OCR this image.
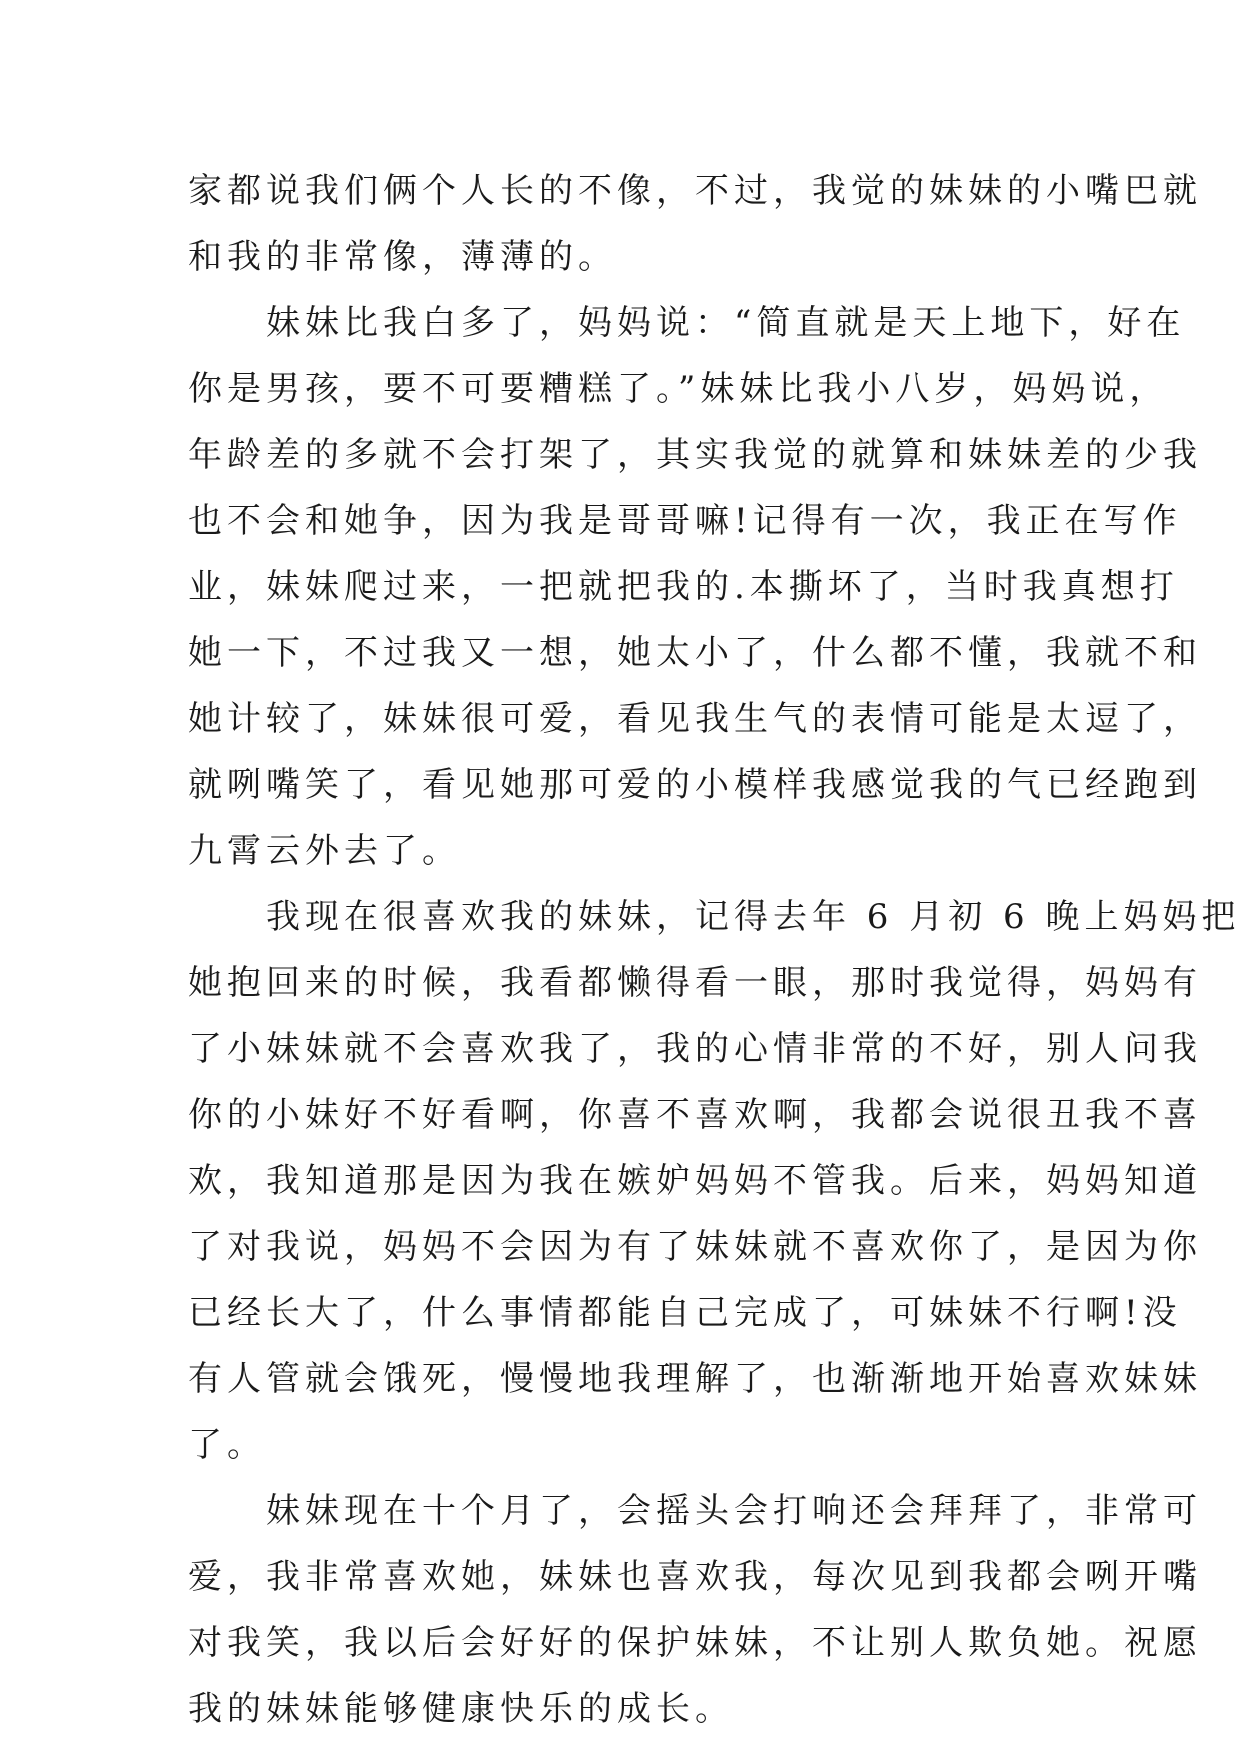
家都说我们俩个人长的不像，不过，我觉的妹妹的小嘴巴就
和我的非常像，薄薄的。
　　妹妹比我白多了，妈妈说：“简直就是天上地下，好在
你是男孩，要不可要糟糕了。”妹妹比我小八岁，妈妈说，
年龄差的多就不会打架了，其实我觉的就算和妹妹差的少我
也不会和她争，因为我是哥哥嘛!记得有一次，我正在写作
业，妹妹爬过来，一把就把我的.本撕坏了，当时我真想打
她一下，不过我又一想，她太小了，什么都不懂，我就不和
她计较了，妹妹很可爱，看见我生气的表情可能是太逗了，
就咧嘴笑了，看见她那可爱的小模样我感觉我的气已经跑到
九霄云外去了。
　　我现在很喜欢我的妹妹，记得去年 6 月初 6 晚上妈妈把
她抱回来的时候，我看都懒得看一眼，那时我觉得，妈妈有
了小妹妹就不会喜欢我了，我的心情非常的不好，别人问我
你的小妹好不好看啊，你喜不喜欢啊，我都会说很丑我不喜
欢，我知道那是因为我在嫉妒妈妈不管我。后来，妈妈知道
了对我说，妈妈不会因为有了妹妹就不喜欢你了，是因为你
已经长大了，什么事情都能自己完成了，可妹妹不行啊!没
有人管就会饿死，慢慢地我理解了，也渐渐地开始喜欢妹妹
了。
　　妹妹现在十个月了，会摇头会打响还会拜拜了，非常可
爱，我非常喜欢她，妹妹也喜欢我，每次见到我都会咧开嘴
对我笑，我以后会好好的保护妹妹，不让别人欺负她。祝愿
我的妹妹能够健康快乐的成长。
